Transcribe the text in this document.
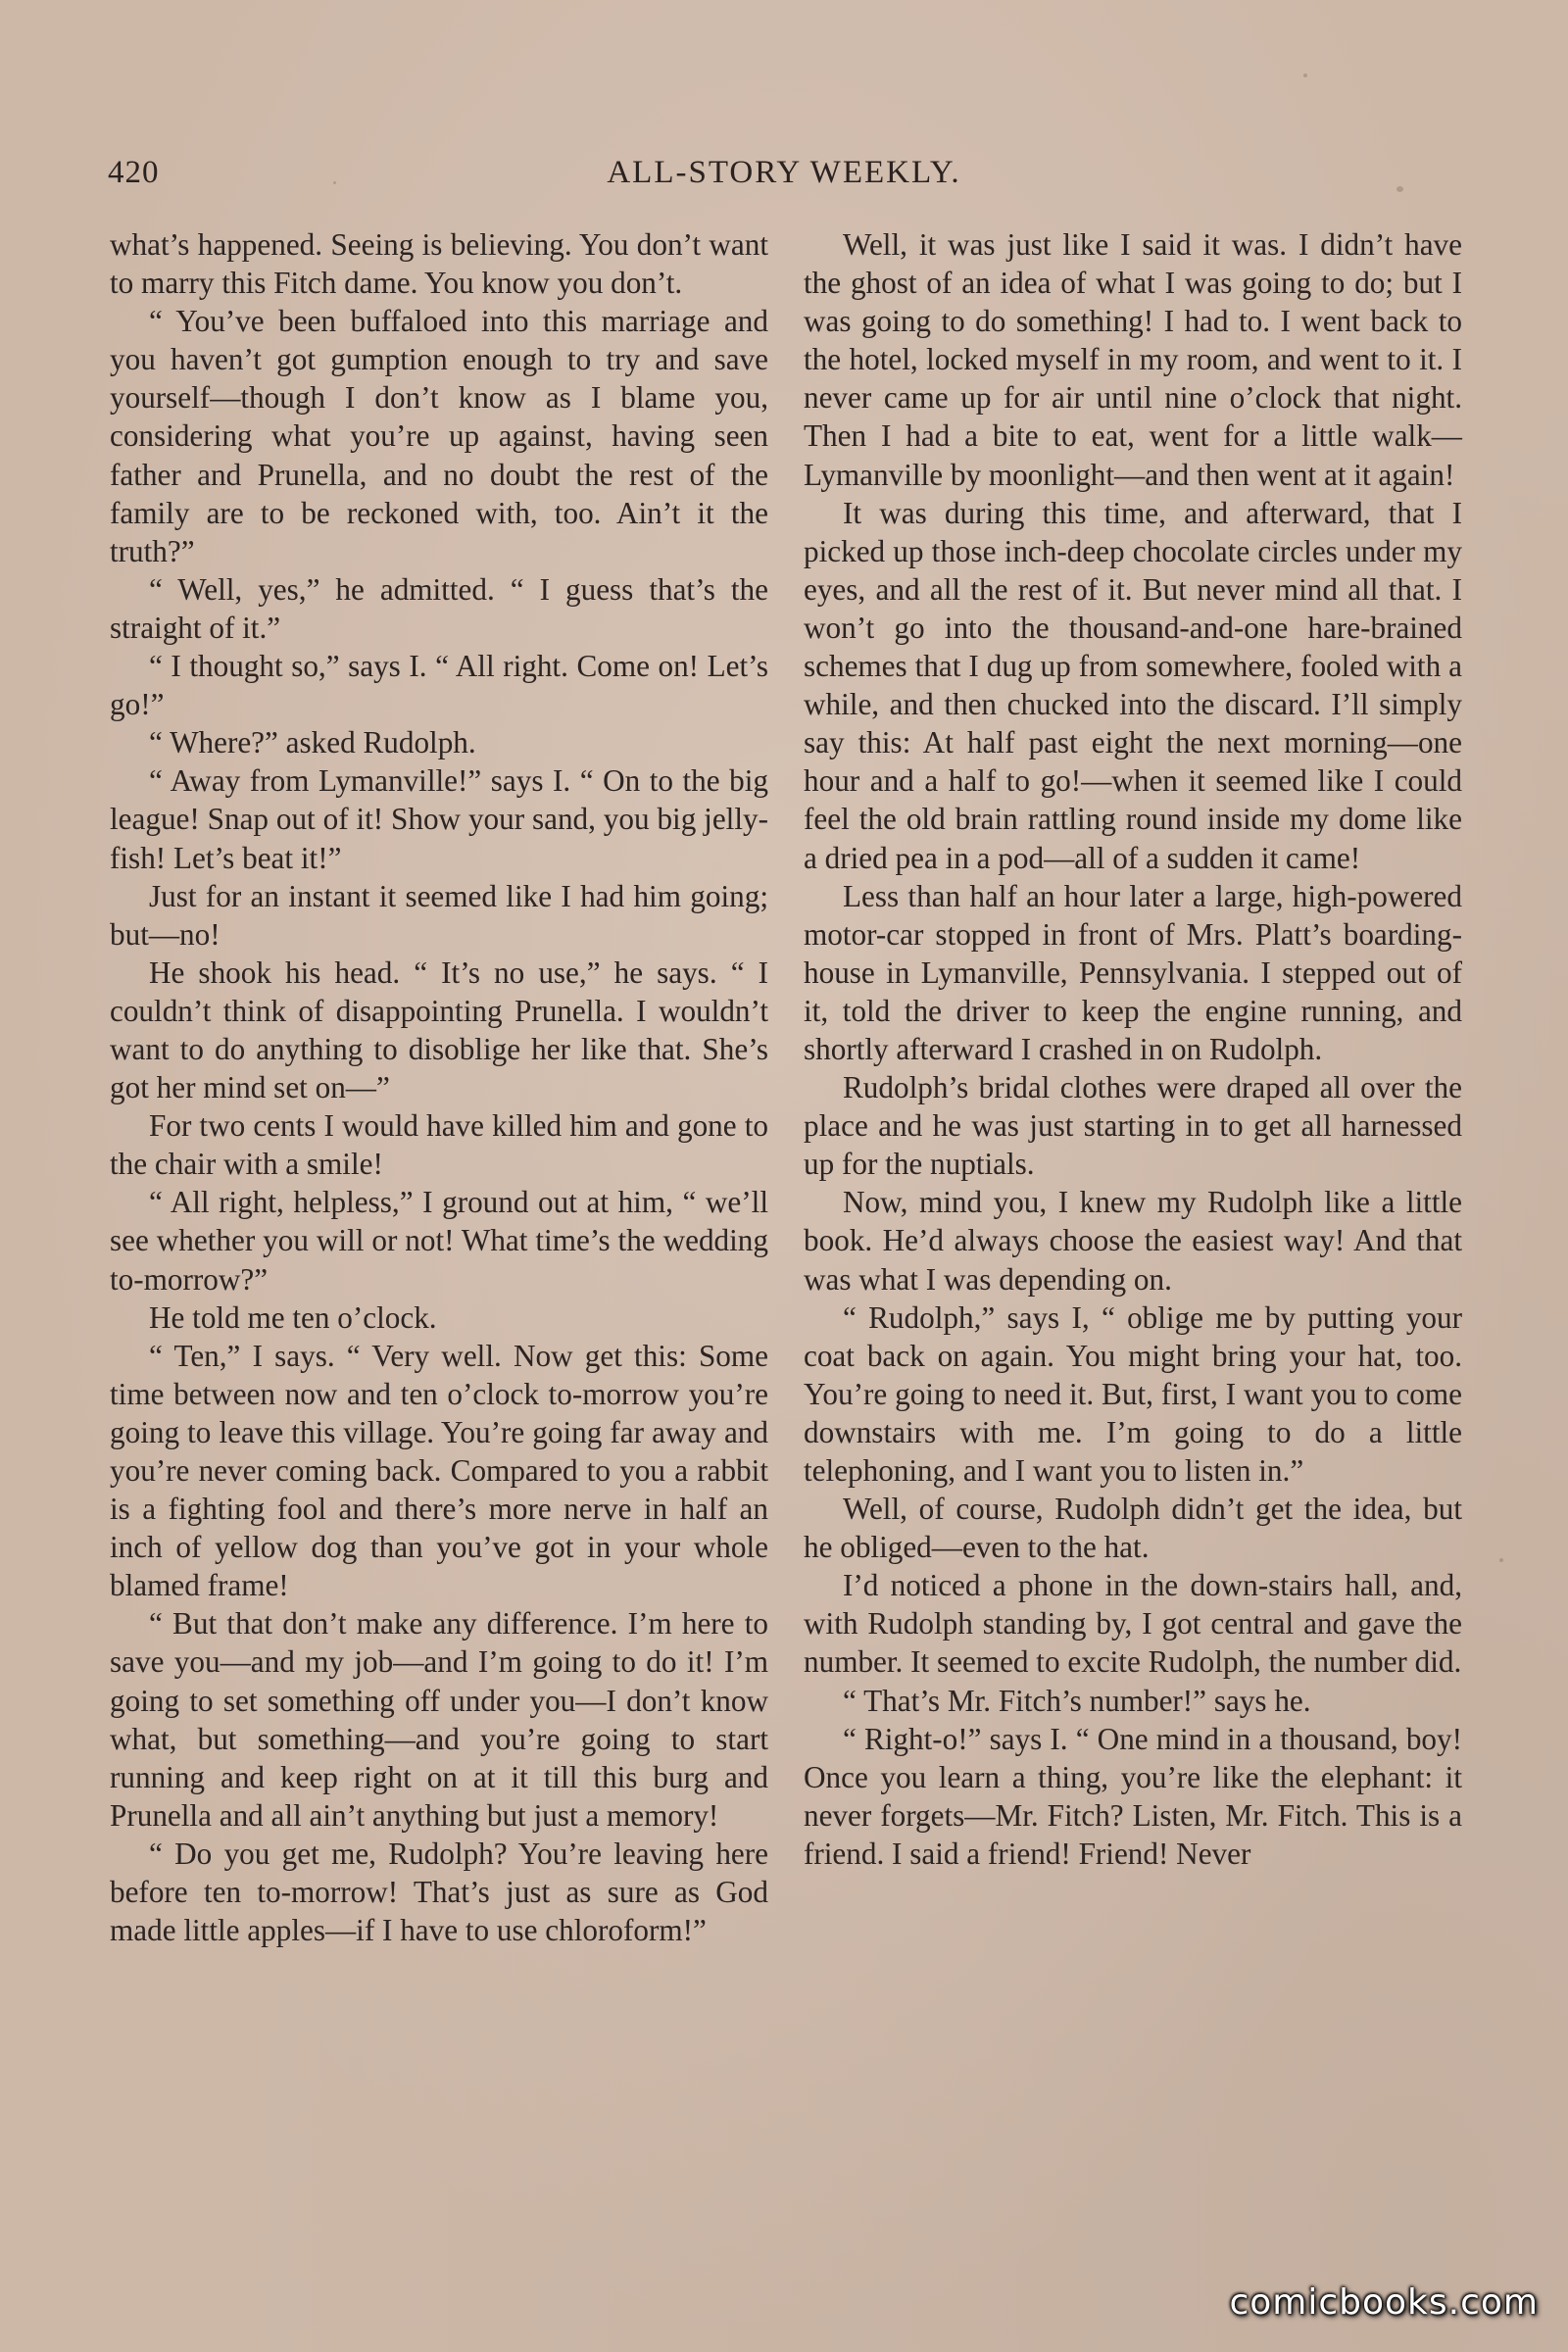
420	ALL-STORY WEEKLY.

what’s happened. Seeing is believing. You don’t want to marry this Fitch dame. You know you don’t.

“ You’ve been buffaloed into this marriage and you haven’t got gumption enough to try and save yourself—though I don’t know as I blame you, considering what you’re up against, having seen father and Prunella, and no doubt the rest of the family are to be reckoned with, too. Ain’t it the truth?”

“ Well, yes,” he admitted. “ I guess that’s the straight of it.”

“ I thought so,” says I. “ All right. Come on! Let’s go!”

“ Where?” asked Rudolph.

“ Away from Lymanville!” says I. “ On to the big league! Snap out of it! Show your sand, you big jelly-fish! Let’s beat it!”

Just for an instant it seemed like I had him going; but—no!

He shook his head. “ It’s no use,” he says. “ I couldn’t think of disappointing Prunella. I wouldn’t want to do anything to disoblige her like that. She’s got her mind set on—”

For two cents I would have killed him and gone to the chair with a smile!

“ All right, helpless,” I ground out at him, “ we’ll see whether you will or not! What time’s the wedding to-morrow?”

He told me ten o’clock.

“ Ten,” I says. “ Very well. Now get this: Some time between now and ten o’clock to-morrow you’re going to leave this village. You’re going far away and you’re never coming back. Compared to you a rabbit is a fighting fool and there’s more nerve in half an inch of yellow dog than you’ve got in your whole blamed frame!

“ But that don’t make any difference. I’m here to save you—and my job—and I’m going to do it! I’m going to set something off under you—I don’t know what, but something—and you’re going to start running and keep right on at it till this burg and Prunella and all ain’t anything but just a memory!

“ Do you get me, Rudolph? You’re leaving here before ten to-morrow! That’s just as sure as God made little apples—if I have to use chloroform!”

Well, it was just like I said it was. I didn’t have the ghost of an idea of what I was going to do; but I was going to do something! I had to. I went back to the hotel, locked myself in my room, and went to it. I never came up for air until nine o’clock that night. Then I had a bite to eat, went for a little walk—Lymanville by moonlight—and then went at it again!

It was during this time, and afterward, that I picked up those inch-deep chocolate circles under my eyes, and all the rest of it. But never mind all that. I won’t go into the thousand-and-one hare-brained schemes that I dug up from somewhere, fooled with a while, and then chucked into the discard. I’ll simply say this: At half past eight the next morning—one hour and a half to go!—when it seemed like I could feel the old brain rattling round inside my dome like a dried pea in a pod—all of a sudden it came!

Less than half an hour later a large, high-powered motor-car stopped in front of Mrs. Platt’s boarding-house in Lymanville, Pennsylvania. I stepped out of it, told the driver to keep the engine running, and shortly afterward I crashed in on Rudolph.

Rudolph’s bridal clothes were draped all over the place and he was just starting in to get all harnessed up for the nuptials.

Now, mind you, I knew my Rudolph like a little book. He’d always choose the easiest way! And that was what I was depending on.

“ Rudolph,” says I, “ oblige me by putting your coat back on again. You might bring your hat, too. You’re going to need it. But, first, I want you to come downstairs with me. I’m going to do a little telephoning, and I want you to listen in.”

Well, of course, Rudolph didn’t get the idea, but he obliged—even to the hat.

I’d noticed a phone in the down-stairs hall, and, with Rudolph standing by, I got central and gave the number. It seemed to excite Rudolph, the number did.

“ That’s Mr. Fitch’s number!” says he.

“ Right-o!” says I. “ One mind in a thousand, boy! Once you learn a thing, you’re like the elephant: it never forgets—Mr. Fitch? Listen, Mr. Fitch. This is a friend. I said a friend! Friend! Never

comicbooks.com
